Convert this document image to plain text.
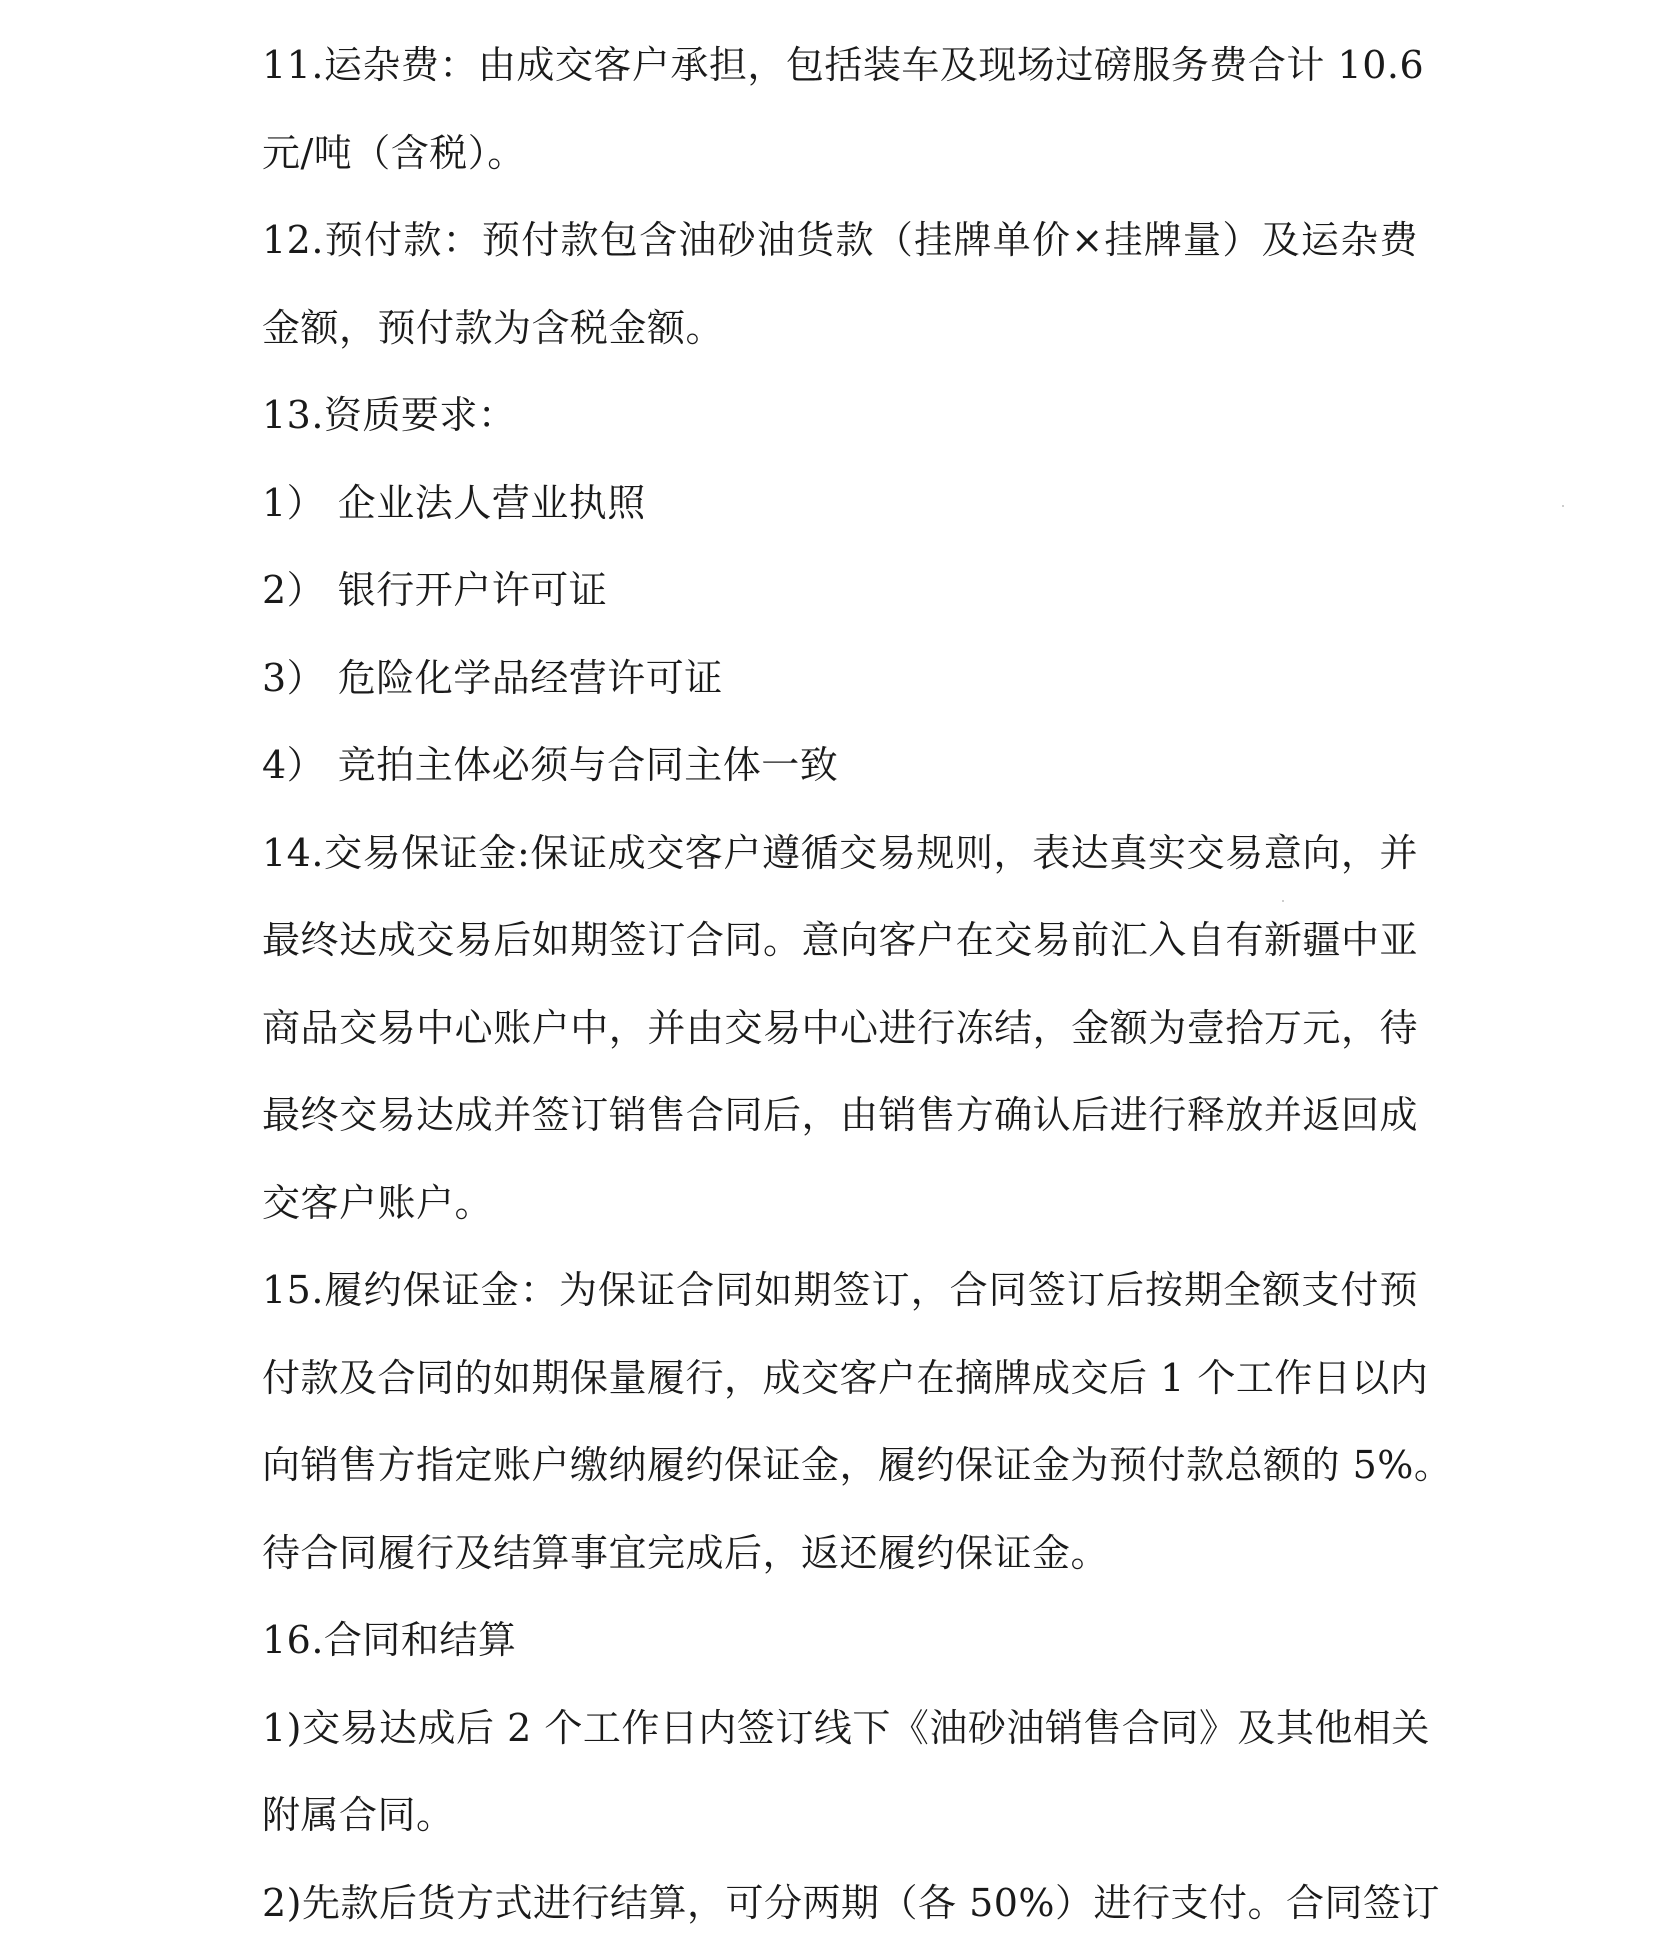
11.运杂费：由成交客户承担，包括装车及现场过磅服务费合计 10.6
元/吨（含税）。
12.预付款：预付款包含油砂油货款（挂牌单价×挂牌量）及运杂费
金额，预付款为含税金额。
13.资质要求：
1） 企业法人营业执照
2） 银行开户许可证
3） 危险化学品经营许可证
4） 竞拍主体必须与合同主体一致
14.交易保证金:保证成交客户遵循交易规则，表达真实交易意向，并
最终达成交易后如期签订合同。意向客户在交易前汇入自有新疆中亚
商品交易中心账户中，并由交易中心进行冻结，金额为壹拾万元，待
最终交易达成并签订销售合同后，由销售方确认后进行释放并返回成
交客户账户。
15.履约保证金：为保证合同如期签订，合同签订后按期全额支付预
付款及合同的如期保量履行，成交客户在摘牌成交后 1 个工作日以内
向销售方指定账户缴纳履约保证金，履约保证金为预付款总额的 5%。
待合同履行及结算事宜完成后，返还履约保证金。
16.合同和结算
1)交易达成后 2 个工作日内签订线下《油砂油销售合同》及其他相关
附属合同。
2)先款后货方式进行结算，可分两期（各 50%）进行支付。合同签订
